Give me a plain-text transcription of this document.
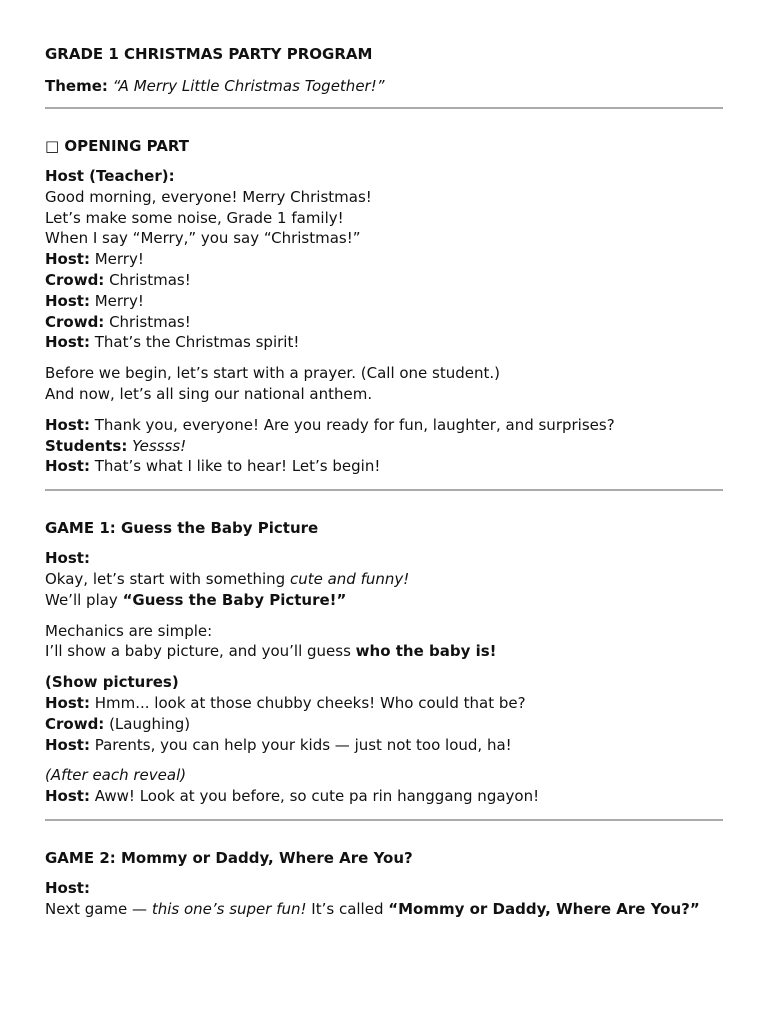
GRADE 1 CHRISTMAS PARTY PROGRAM
Theme: “A Merry Little Christmas Together!”
□ OPENING PART
Host (Teacher):
Good morning, everyone! Merry Christmas!
Let’s make some noise, Grade 1 family!
When I say “Merry,” you say “Christmas!”
Host: Merry!
Crowd: Christmas!
Host: Merry!
Crowd: Christmas!
Host: That’s the Christmas spirit!
Before we begin, let’s start with a prayer. (Call one student.)
And now, let’s all sing our national anthem.
Host: Thank you, everyone! Are you ready for fun, laughter, and surprises?
Students: Yessss!
Host: That’s what I like to hear! Let’s begin!
GAME 1: Guess the Baby Picture
Host:
Okay, let’s start with something cute and funny!
We’ll play “Guess the Baby Picture!”
Mechanics are simple:
I’ll show a baby picture, and you’ll guess who the baby is!
(Show pictures)
Host: Hmm... look at those chubby cheeks! Who could that be?
Crowd: (Laughing)
Host: Parents, you can help your kids — just not too loud, ha!
(After each reveal)
Host: Aww! Look at you before, so cute pa rin hanggang ngayon!
GAME 2: Mommy or Daddy, Where Are You?
Host:
Next game — this one’s super fun! It’s called “Mommy or Daddy, Where Are You?”
